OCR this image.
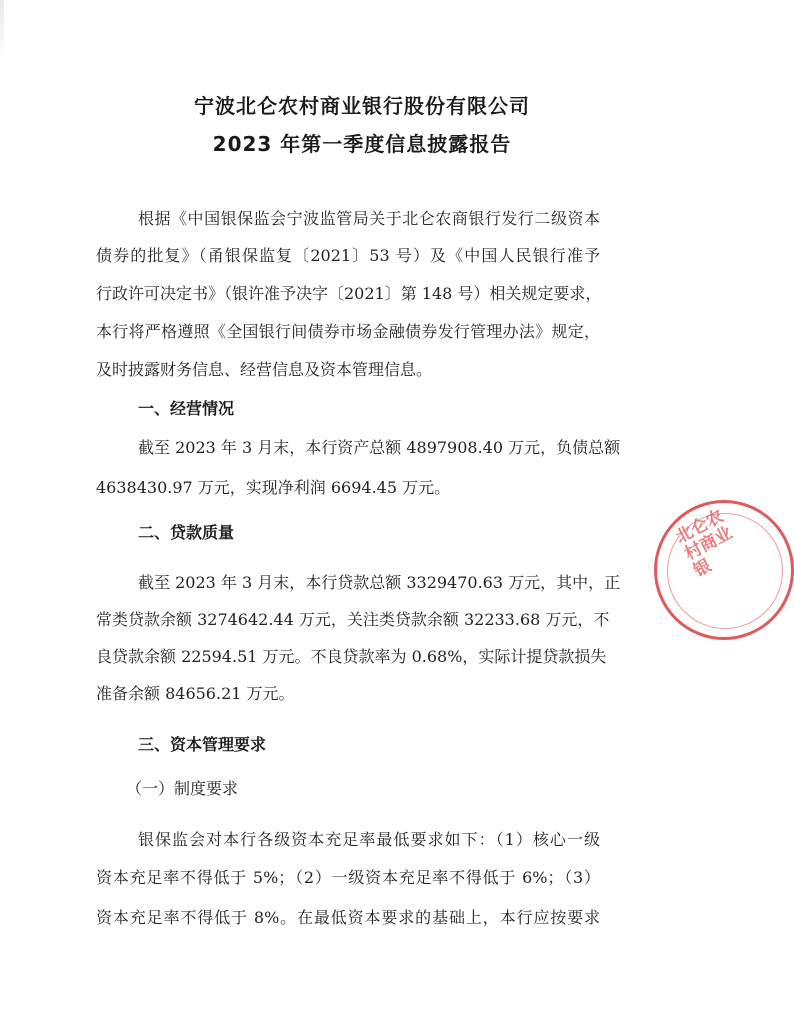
宁波北仑农村商业银行股份有限公司
2023 年第一季度信息披露报告
根据《中国银保监会宁波监管局关于北仑农商银行发行二级资本
债券的批复》（甬银保监复〔2021〕53 号）及《中国人民银行准予
行政许可决定书》（银许准予决字〔2021〕第 148 号）相关规定要求，
本行将严格遵照《全国银行间债券市场金融债券发行管理办法》规定，
及时披露财务信息、经营信息及资本管理信息。
一、经营情况
截至 2023 年 3 月末，本行资产总额 4897908.40 万元，负债总额
4638430.97 万元，实现净利润 6694.45 万元。
二、贷款质量
截至 2023 年 3 月末，本行贷款总额 3329470.63 万元，其中，正
常类贷款余额 3274642.44 万元，关注类贷款余额 32233.68 万元，不
良贷款余额 22594.51 万元。不良贷款率为 0.68%，实际计提贷款损失
准备余额 84656.21 万元。
三、资本管理要求
（一）制度要求
银保监会对本行各级资本充足率最低要求如下：（1）核心一级
资本充足率不得低于 5%；（2）一级资本充足率不得低于 6%；（3）
资本充足率不得低于 8%。在最低资本要求的基础上，本行应按要求
北仑农村商业银
